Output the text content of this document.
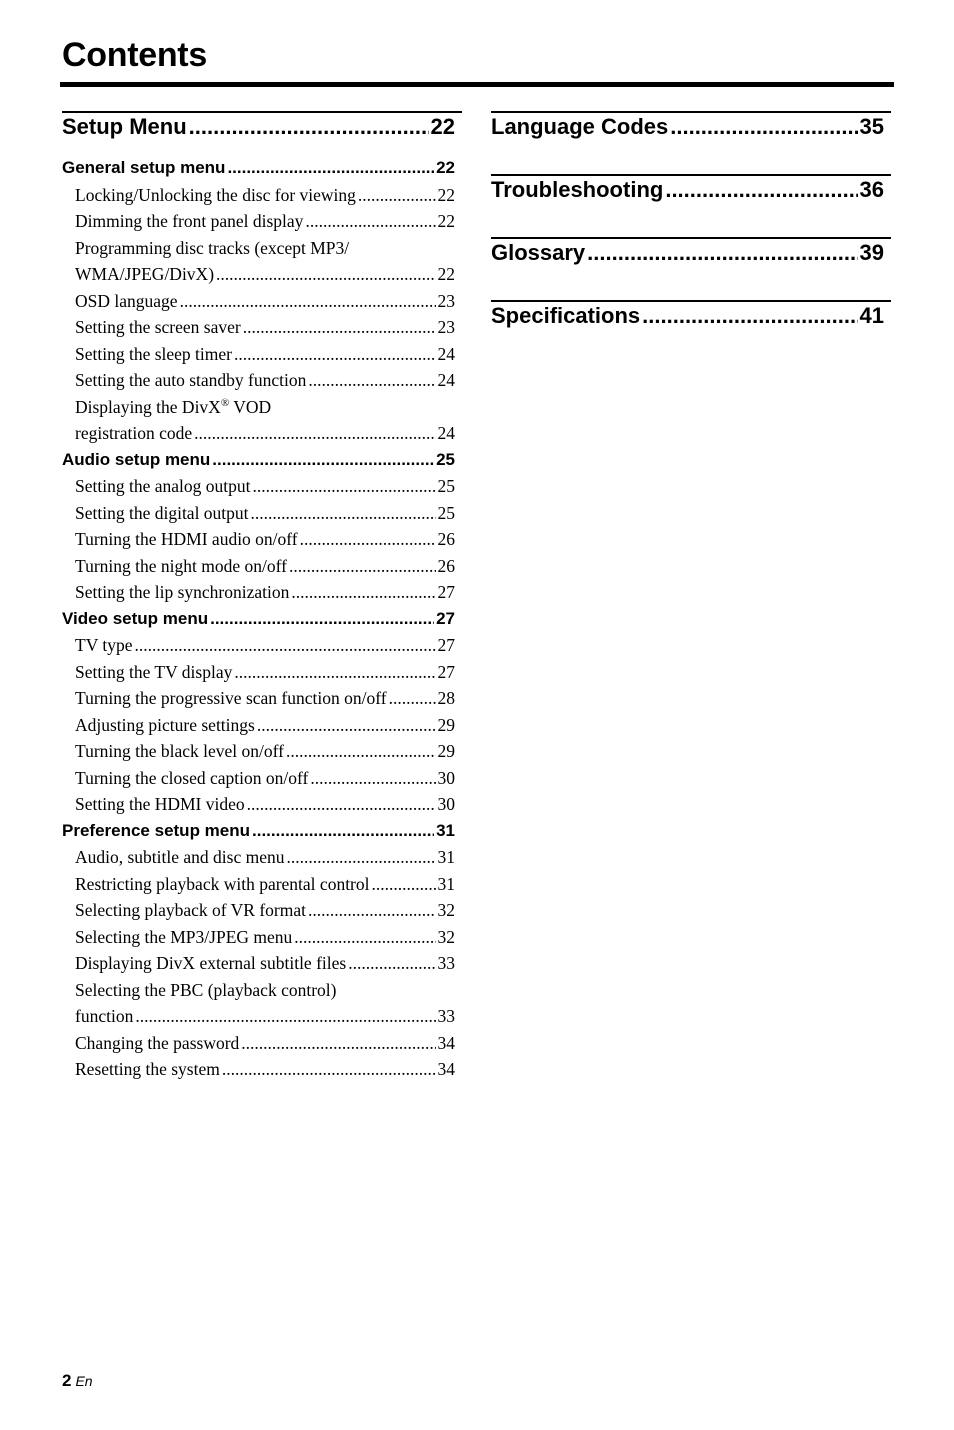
Contents
Setup Menu .....	22
General setup menu .....	22
Locking/Unlocking the disc for viewing .....	22
Dimming the front panel display .....	22
Programming disc tracks (except MP3/
WMA/JPEG/DivX) .....	22
OSD language .....	23
Setting the screen saver .....	23
Setting the sleep timer .....	24
Setting the auto standby function .....	24
Displaying the DivX® VOD
registration code .....	24
Audio setup menu .....	25
Setting the analog output .....	25
Setting the digital output .....	25
Turning the HDMI audio on/off .....	26
Turning the night mode on/off .....	26
Setting the lip synchronization .....	27
Video setup menu .....	27
TV type .....	27
Setting the TV display .....	27
Turning the progressive scan function on/off .....	28
Adjusting picture settings .....	29
Turning the black level on/off .....	29
Turning the closed caption on/off .....	30
Setting the HDMI video .....	30
Preference setup menu .....	31
Audio, subtitle and disc menu .....	31
Restricting playback with parental control .....	31
Selecting playback of VR format .....	32
Selecting the MP3/JPEG menu .....	32
Displaying DivX external subtitle files .....	33
Selecting the PBC (playback control)
function .....	33
Changing the password .....	34
Resetting the system .....	34
Language Codes .....	35
Troubleshooting .....	36
Glossary .....	39
Specifications .....	41
2 En
